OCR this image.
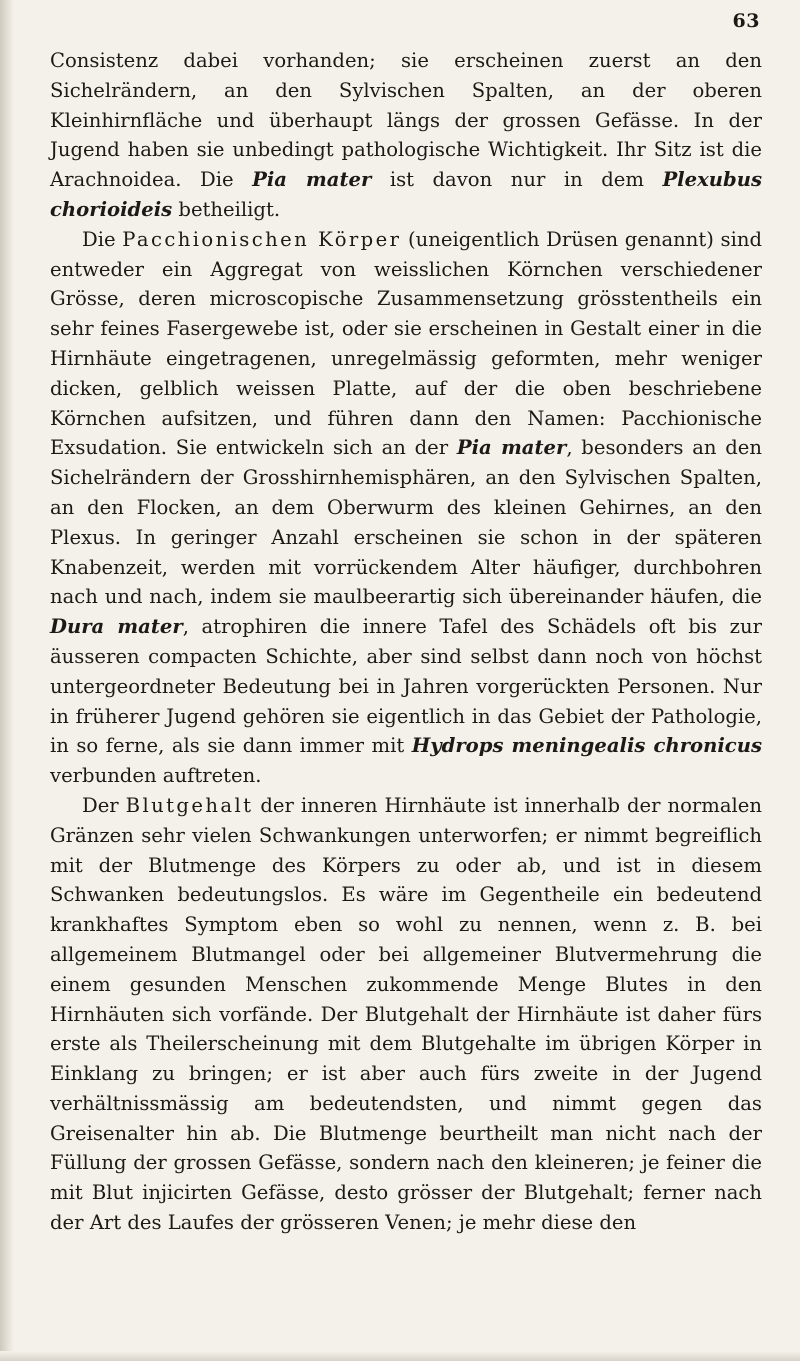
63

Consistenz dabei vorhanden; sie erscheinen zuerst an den Sichelrändern, an den Sylvischen Spalten, an der oberen Kleinhirnfläche und überhaupt längs der grossen Gefässe. In der Jugend haben sie unbedingt pathologische Wichtigkeit. Ihr Sitz ist die Arachnoidea. Die Pia mater ist davon nur in dem Plexubus chorioideis betheiligt.

Die Pacchionischen Körper (uneigentlich Drüsen genannt) sind entweder ein Aggregat von weisslichen Körnchen verschiedener Grösse, deren microscopische Zusammensetzung grösstentheils ein sehr feines Fasergewebe ist, oder sie erscheinen in Gestalt einer in die Hirnhäute eingetragenen, unregelmässig geformten, mehr weniger dicken, gelblich weissen Platte, auf der die oben beschriebene Körnchen aufsitzen, und führen dann den Namen: Pacchionische Exsudation. Sie entwickeln sich an der Pia mater, besonders an den Sichelrändern der Grosshirnhemisphären, an den Sylvischen Spalten, an den Flocken, an dem Oberwurm des kleinen Gehirnes, an den Plexus. In geringer Anzahl erscheinen sie schon in der späteren Knabenzeit, werden mit vorrückendem Alter häufiger, durchbohren nach und nach, indem sie maulbeerartig sich übereinander häufen, die Dura mater, atrophiren die innere Tafel des Schädels oft bis zur äusseren compacten Schichte, aber sind selbst dann noch von höchst untergeordneter Bedeutung bei in Jahren vorgerückten Personen. Nur in früherer Jugend gehören sie eigentlich in das Gebiet der Pathologie, in so ferne, als sie dann immer mit Hydrops meningealis chronicus verbunden auftreten.

Der Blutgehalt der inneren Hirnhäute ist innerhalb der normalen Gränzen sehr vielen Schwankungen unterworfen; er nimmt begreiflich mit der Blutmenge des Körpers zu oder ab, und ist in diesem Schwanken bedeutungslos. Es wäre im Gegentheile ein bedeutend krankhaftes Symptom eben so wohl zu nennen, wenn z. B. bei allgemeinem Blutmangel oder bei allgemeiner Blutvermehrung die einem gesunden Menschen zukommende Menge Blutes in den Hirnhäuten sich vorfände. Der Blutgehalt der Hirnhäute ist daher fürs erste als Theilerscheinung mit dem Blutgehalte im übrigen Körper in Einklang zu bringen; er ist aber auch fürs zweite in der Jugend verhältnissmässig am bedeutendsten, und nimmt gegen das Greisenalter hin ab. Die Blutmenge beurtheilt man nicht nach der Füllung der grossen Gefässe, sondern nach den kleineren; je feiner die mit Blut injicirten Gefässe, desto grösser der Blutgehalt; ferner nach der Art des Laufes der grösseren Venen; je mehr diese den
